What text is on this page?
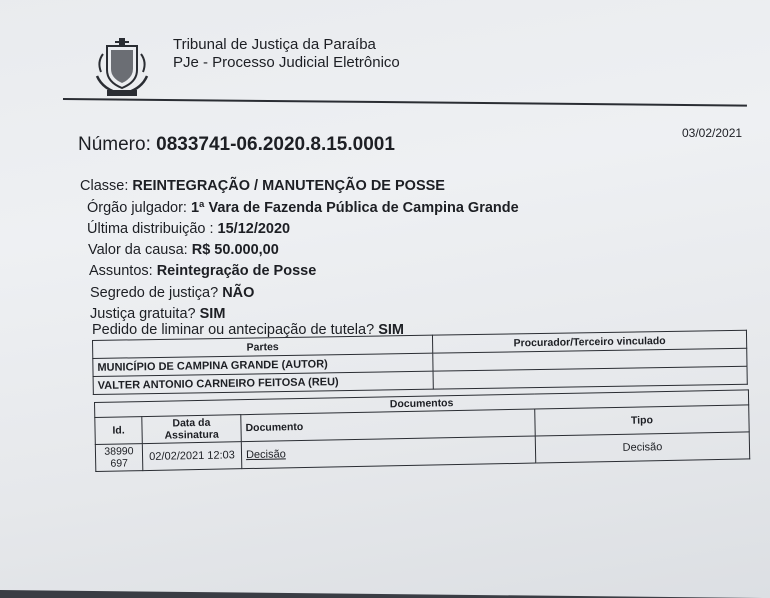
Tribunal de Justiça da Paraíba
PJe - Processo Judicial Eletrônico
03/02/2021
Número: 0833741-06.2020.8.15.0001
Classe: REINTEGRAÇÃO / MANUTENÇÃO DE POSSE
Órgão julgador: 1ª Vara de Fazenda Pública de Campina Grande
Última distribuição : 15/12/2020
Valor da causa: R$ 50.000,00
Assuntos: Reintegração de Posse
Segredo de justiça? NÃO
Justiça gratuita? SIM
Pedido de liminar ou antecipação de tutela? SIM
Partes	Procurador/Terceiro vinculado
MUNICÍPIO DE CAMPINA GRANDE (AUTOR)	
VALTER ANTONIO CARNEIRO FEITOSA (REU)	
Documentos			
Id.	Data da Assinatura	Documento	Tipo
38990 697	02/02/2021 12:03	Decisão	Decisão
